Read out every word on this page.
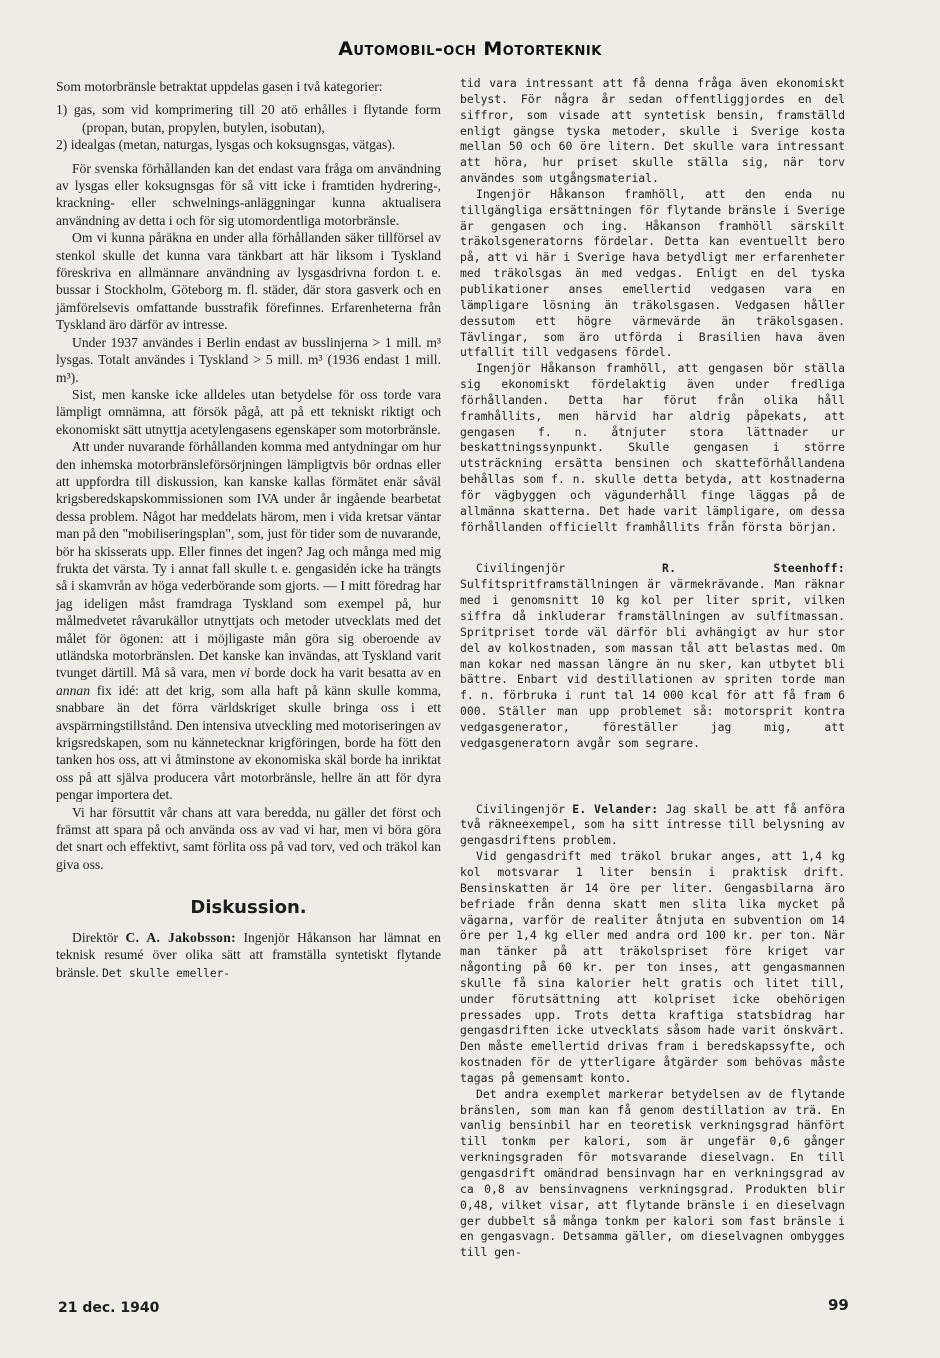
Automobil-och Motorteknik

Som motorbränsle betraktat uppdelas gasen i två kategorier:

1) gas, som vid komprimering till 20 atö erhålles i flytande form (propan, butan, propylen, butylen, isobutan),
2) idealgas (metan, naturgas, lysgas och koksugnsgas, vätgas).

För svenska förhållanden kan det endast vara fråga om användning av lysgas eller koksugnsgas för så vitt icke i framtiden hydrering-, krackning- eller schwelnings-anläggningar kunna aktualisera användning av detta i och för sig utomordentliga motorbränsle.

Om vi kunna påräkna en under alla förhållanden säker tillförsel av stenkol skulle det kunna vara tänkbart att här liksom i Tyskland föreskriva en allmännare användning av lysgasdrivna fordon t. e. bussar i Stockholm, Göteborg m. fl. städer, där stora gasverk och en jämförelsevis omfattande busstrafik förefinnes. Erfarenheterna från Tyskland äro därför av intresse.

Under 1937 användes i Berlin endast av busslinjerna > 1 mill. m³ lysgas. Totalt användes i Tyskland > 5 mill. m³ (1936 endast 1 mill. m³).

Sist, men kanske icke alldeles utan betydelse för oss torde vara lämpligt omnämna, att försök pågå, att på ett tekniskt riktigt och ekonomiskt sätt utnyttja acetylengasens egenskaper som motorbränsle.

Att under nuvarande förhållanden komma med antydningar om hur den inhemska motorbränsleförsörjningen lämpligtvis bör ordnas eller att uppfordra till diskussion, kan kanske kallas förmätet enär såväl krigsberedskapskommissionen som IVA under år ingående bearbetat dessa problem. Något har meddelats härom, men i vida kretsar väntar man på den "mobiliseringsplan", som, just för tider som de nuvarande, bör ha skisserats upp. Eller finnes det ingen? Jag och många med mig frukta det värsta. Ty i annat fall skulle t. e. gengasidén icke ha trängts så i skamvrån av höga vederbörande som gjorts. — I mitt föredrag har jag ideligen måst framdraga Tyskland som exempel på, hur målmedvetet råvarukällor utnyttjats och metoder utvecklats med det målet för ögonen: att i möjligaste mån göra sig oberoende av utländska motorbränslen. Det kanske kan invändas, att Tyskland varit tvunget därtill. Må så vara, men vi borde dock ha varit besatta av en annan fix idé: att det krig, som alla haft på känn skulle komma, snabbare än det förra världskriget skulle bringa oss i ett avspärrningstillstånd. Den intensiva utveckling med motoriseringen av krigsredskapen, som nu kännetecknar krigföringen, borde ha fött den tanken hos oss, att vi åtminstone av ekonomiska skäl borde ha inriktat oss på att själva producera vårt motorbränsle, hellre än att för dyra pengar importera det.

Vi har försuttit vår chans att vara beredda, nu gäller det först och främst att spara på och använda oss av vad vi har, men vi böra göra det snart och effektivt, samt förlita oss på vad torv, ved och träkol kan giva oss.

Diskussion.

Direktör C. A. Jakobsson: Ingenjör Håkanson har lämnat en teknisk resumé över olika sätt att framställa syntetiskt flytande bränsle. Det skulle emeller-

tid vara intressant att få denna fråga även ekonomiskt belyst. För några år sedan offentliggjordes en del siffror, som visade att syntetisk bensin, framställd enligt gängse tyska metoder, skulle i Sverige kosta mellan 50 och 60 öre litern. Det skulle vara intressant att höra, hur priset skulle ställa sig, när torv användes som utgångsmaterial.

Ingenjör Håkanson framhöll, att den enda nu tillgängliga ersättningen för flytande bränsle i Sverige är gengasen och ing. Håkanson framhöll särskilt träkolsgeneratorns fördelar. Detta kan eventuellt bero på, att vi här i Sverige hava betydligt mer erfarenheter med träkolsgas än med vedgas. Enligt en del tyska publikationer anses emellertid vedgasen vara en lämpligare lösning än träkolsgasen. Vedgasen håller dessutom ett högre värmevärde än träkolsgasen. Tävlingar, som äro utförda i Brasilien hava även utfallit till vedgasens fördel.

Ingenjör Håkanson framhöll, att gengasen bör ställa sig ekonomiskt fördelaktig även under fredliga förhållanden. Detta har förut från olika håll framhållits, men härvid har aldrig påpekats, att gengasen f. n. åtnjuter stora lättnader ur beskattningssynpunkt. Skulle gengasen i större utsträckning ersätta bensinen och skatteförhållandena behållas som f. n. skulle detta betyda, att kostnaderna för vägbyggen och vägunderhåll finge läggas på de allmänna skatterna. Det hade varit lämpligare, om dessa förhållanden officiellt framhållits från första början.

Civilingenjör	R. Steenhoff: Sulfitspritframställningen är värmekrävande. Man räknar med i genomsnitt 10 kg kol per liter sprit, vilken siffra då inkluderar framställningen av sulfitmassan. Spritpriset torde väl därför bli avhängigt av hur stor del av kolkostnaden, som massan tål att belastas med. Om man kokar ned massan längre än nu sker, kan utbytet bli bättre. Enbart vid destillationen av spriten torde man f. n. förbruka i runt tal 14 000 kcal för att få fram 6 000. Ställer man upp problemet så: motorsprit kontra vedgasgenerator, föreställer jag mig, att vedgasgeneratorn avgår som segrare.

Civilingenjör E. Velander: Jag skall be att få anföra två räkneexempel, som ha sitt intresse till belysning av gengasdriftens problem.

Vid gengasdrift med träkol brukar anges, att 1,4 kg kol motsvarar 1 liter bensin i praktisk drift. Bensinskatten är 14 öre per liter. Gengasbilarna äro befriade från denna skatt men slita lika mycket på vägarna, varför de realiter åtnjuta en subvention om 14 öre per 1,4 kg eller med andra ord 100 kr. per ton. När man tänker på att träkolspriset före kriget var någonting på 60 kr. per ton inses, att gengasmannen skulle få sina kalorier helt gratis och litet till, under förutsättning att kolpriset icke obehörigen pressades upp. Trots detta kraftiga statsbidrag har gengasdriften icke utvecklats såsom hade varit önskvärt. Den måste emellertid drivas fram i beredskapssyfte, och kostnaden för de ytterligare åtgärder som behövas måste tagas på gemensamt konto.

Det andra exemplet markerar betydelsen av de flytande bränslen, som man kan få genom destillation av trä. En vanlig bensinbil har en teoretisk verkningsgrad hänfört till tonkm per kalori, som är ungefär 0,6 gånger verkningsgraden för motsvarande dieselvagn. En till gengasdrift omändrad bensinvagn har en verkningsgrad av ca 0,8 av bensinvagnens verkningsgrad. Produkten blir 0,48, vilket visar, att flytande bränsle i en dieselvagn ger dubbelt så många tonkm per kalori som fast bränsle i en gengasvagn. Detsamma gäller, om dieselvagnen ombygges till gen-

21 dec. 1940	99
